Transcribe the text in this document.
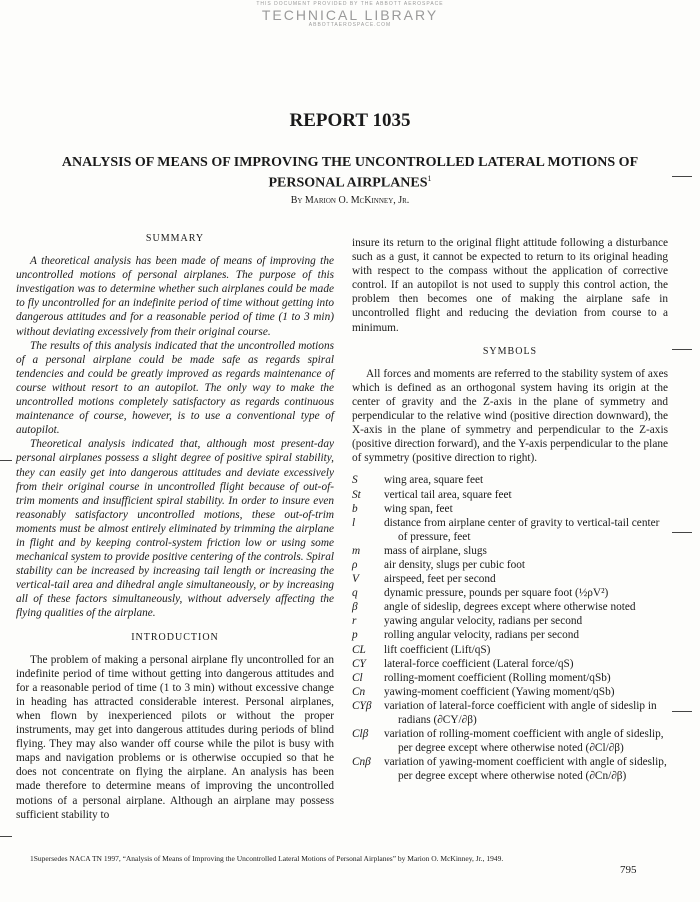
THIS DOCUMENT PROVIDED BY THE ABBOTT AEROSPACE
TECHNICAL LIBRARY
ABBOTTAEROSPACE.COM
REPORT 1035
ANALYSIS OF MEANS OF IMPROVING THE UNCONTROLLED LATERAL MOTIONS OF PERSONAL AIRPLANES$^1$
By Marion O. McKinney, Jr.
SUMMARY

A theoretical analysis has been made of means of improving the uncontrolled motions of personal airplanes. The purpose of this investigation was to determine whether such airplanes could be made to fly uncontrolled for an indefinite period of time without getting into dangerous attitudes and for a reasonable period of time (1 to 3 min) without deviating excessively from their original course.

The results of this analysis indicated that the uncontrolled motions of a personal airplane could be made safe as regards spiral tendencies and could be greatly improved as regards maintenance of course without resort to an autopilot. The only way to make the uncontrolled motions completely satisfactory as regards continuous maintenance of course, however, is to use a conventional type of autopilot.

Theoretical analysis indicated that, although most present-day personal airplanes possess a slight degree of positive spiral stability, they can easily get into dangerous attitudes and deviate excessively from their original course in uncontrolled flight because of out-of-trim moments and insufficient spiral stability. In order to insure even reasonably satisfactory uncontrolled motions, these out-of-trim moments must be almost entirely eliminated by trimming the airplane in flight and by keeping control-system friction low or using some mechanical system to provide positive centering of the controls. Spiral stability can be increased by increasing tail length or increasing the vertical-tail area and dihedral angle simultaneously, or by increasing all of these factors simultaneously, without adversely affecting the flying qualities of the airplane.

INTRODUCTION

The problem of making a personal airplane fly uncontrolled for an indefinite period of time without getting into dangerous attitudes and for a reasonable period of time (1 to 3 min) without excessive change in heading has attracted considerable interest. Personal airplanes, when flown by inexperienced pilots or without the proper instruments, may get into dangerous attitudes during periods of blind flying. They may also wander off course while the pilot is busy with maps and navigation problems or is otherwise occupied so that he does not concentrate on flying the airplane. An analysis has been made therefore to determine means of improving the uncontrolled motions of a personal airplane. Although an airplane may possess sufficient stability to

insure its return to the original flight attitude following a disturbance such as a gust, it cannot be expected to return to its original heading with respect to the compass without the application of corrective control. If an autopilot is not used to supply this control action, the problem then becomes one of making the airplane safe in uncontrolled flight and reducing the deviation from course to a minimum.

SYMBOLS

All forces and moments are referred to the stability system of axes which is defined as an orthogonal system having its origin at the center of gravity and the Z-axis in the plane of symmetry and perpendicular to the relative wind (positive direction downward), the X-axis in the plane of symmetry and perpendicular to the Z-axis (positive direction forward), and the Y-axis perpendicular to the plane of symmetry (positive direction to right).

S	wing area, square feet
St	vertical tail area, square feet
b	wing span, feet
l	distance from airplane center of gravity to vertical-tail center of pressure, feet
m	mass of airplane, slugs
ρ	air density, slugs per cubic foot
V	airspeed, feet per second
q	dynamic pressure, pounds per square foot (½ρV²)
β	angle of sideslip, degrees except where otherwise noted
r	yawing angular velocity, radians per second
p	rolling angular velocity, radians per second
CL	lift coefficient (Lift/qS)
CY	lateral-force coefficient (Lateral force/qS)
Cl	rolling-moment coefficient (Rolling moment/qSb)
Cn	yawing-moment coefficient (Yawing moment/qSb)
CYβ	variation of lateral-force coefficient with angle of sideslip in radians (∂CY/∂β)
Clβ	variation of rolling-moment coefficient with angle of sideslip, per degree except where otherwise noted (∂Cl/∂β)
Cnβ	variation of yawing-moment coefficient with angle of sideslip, per degree except where otherwise noted (∂Cn/∂β)
1Supersedes NACA TN 1997, “Analysis of Means of Improving the Uncontrolled Lateral Motions of Personal Airplanes” by Marion O. McKinney, Jr., 1949.
795
